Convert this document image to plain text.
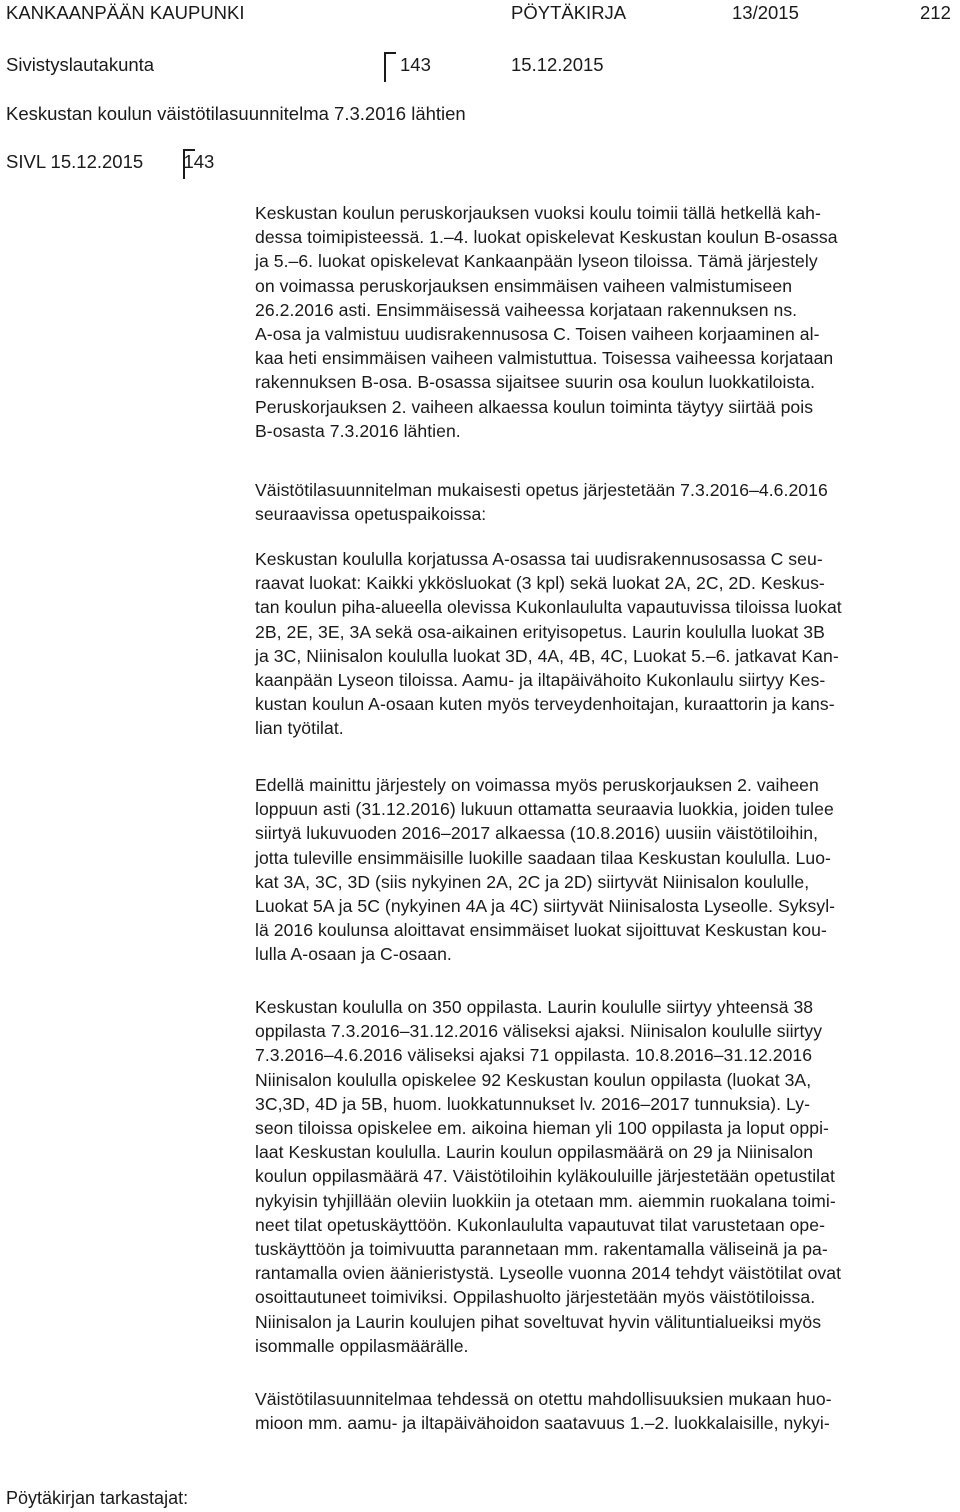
KANKAANPÄÄN KAUPUNKI	PÖYTÄKIRJA	13/2015	212
Sivistyslautakunta	143	15.12.2015
Keskustan koulun väistötilasuunnitelma 7.3.2016 lähtien
SIVL 15.12.2015 143

Keskustan koulun peruskorjauksen vuoksi koulu toimii tällä hetkellä kah-
dessa toimipisteessä. 1.–4. luokat opiskelevat Keskustan koulun B-osassa
ja 5.–6. luokat opiskelevat Kankaanpään lyseon tiloissa. Tämä järjestely
on voimassa peruskorjauksen ensimmäisen vaiheen valmistumiseen
26.2.2016 asti. Ensimmäisessä vaiheessa korjataan rakennuksen ns.
A-osa ja valmistuu uudisrakennusosa C. Toisen vaiheen korjaaminen al-
kaa heti ensimmäisen vaiheen valmistuttua. Toisessa vaiheessa korjataan
rakennuksen B-osa. B-osassa sijaitsee suurin osa koulun luokkatiloista.
Peruskorjauksen 2. vaiheen alkaessa koulun toiminta täytyy siirtää pois
B-osasta 7.3.2016 lähtien.

Väistötilasuunnitelman mukaisesti opetus järjestetään 7.3.2016–4.6.2016
seuraavissa opetuspaikoissa:

Keskustan koululla korjatussa A-osassa tai uudisrakennusosassa C seu-
raavat luokat: Kaikki ykkösluokat (3 kpl) sekä luokat 2A, 2C, 2D. Keskus-
tan koulun piha-alueella olevissa Kukonlaululta vapautuvissa tiloissa luokat
2B, 2E, 3E, 3A sekä osa-aikainen erityisopetus. Laurin koululla luokat 3B
ja 3C, Niinisalon koululla luokat 3D, 4A, 4B, 4C, Luokat 5.–6. jatkavat Kan-
kaanpään Lyseon tiloissa. Aamu- ja iltapäivähoito Kukonlaulu siirtyy Kes-
kustan koulun A-osaan kuten myös terveydenhoitajan, kuraattorin ja kans-
lian työtilat.

Edellä mainittu järjestely on voimassa myös peruskorjauksen 2. vaiheen
loppuun asti (31.12.2016) lukuun ottamatta seuraavia luokkia, joiden tulee
siirtyä lukuvuoden 2016–2017 alkaessa (10.8.2016) uusiin väistötiloihin,
jotta tuleville ensimmäisille luokille saadaan tilaa Keskustan koululla. Luo-
kat 3A, 3C, 3D (siis nykyinen 2A, 2C ja 2D) siirtyvät Niinisalon koululle,
Luokat 5A ja 5C (nykyinen 4A ja 4C) siirtyvät Niinisalosta Lyseolle. Syksyl-
lä 2016 koulunsa aloittavat ensimmäiset luokat sijoittuvat Keskustan kou-
lulla A-osaan ja C-osaan.

Keskustan koululla on 350 oppilasta. Laurin koululle siirtyy yhteensä 38
oppilasta 7.3.2016–31.12.2016 väliseksi ajaksi. Niinisalon koululle siirtyy
7.3.2016–4.6.2016 väliseksi ajaksi 71 oppilasta. 10.8.2016–31.12.2016
Niinisalon koululla opiskelee 92 Keskustan koulun oppilasta (luokat 3A,
3C,3D, 4D ja 5B, huom. luokkatunnukset lv. 2016–2017 tunnuksia). Ly-
seon tiloissa opiskelee em. aikoina hieman yli 100 oppilasta ja loput oppi-
laat Keskustan koululla. Laurin koulun oppilasmäärä on 29 ja Niinisalon
koulun oppilasmäärä 47. Väistötiloihin kyläkouluille järjestetään opetustilat
nykyisin tyhjillään oleviin luokkiin ja otetaan mm. aiemmin ruokalana toimi-
neet tilat opetuskäyttöön. Kukonlaululta vapautuvat tilat varustetaan ope-
tuskäyttöön ja toimivuutta parannetaan mm. rakentamalla väliseinä ja pa-
rantamalla ovien äänieristystä. Lyseolle vuonna 2014 tehdyt väistötilat ovat
osoittautuneet toimiviksi. Oppilashuolto järjestetään myös väistötiloissa.
Niinisalon ja Laurin koulujen pihat soveltuvat hyvin välituntialueiksi myös
isommalle oppilasmäärälle.

Väistötilasuunnitelmaa tehdessä on otettu mahdollisuuksien mukaan huo-
mioon mm. aamu- ja iltapäivähoidon saatavuus 1.–2. luokkalaisille, nykyi-

Pöytäkirjan tarkastajat:
